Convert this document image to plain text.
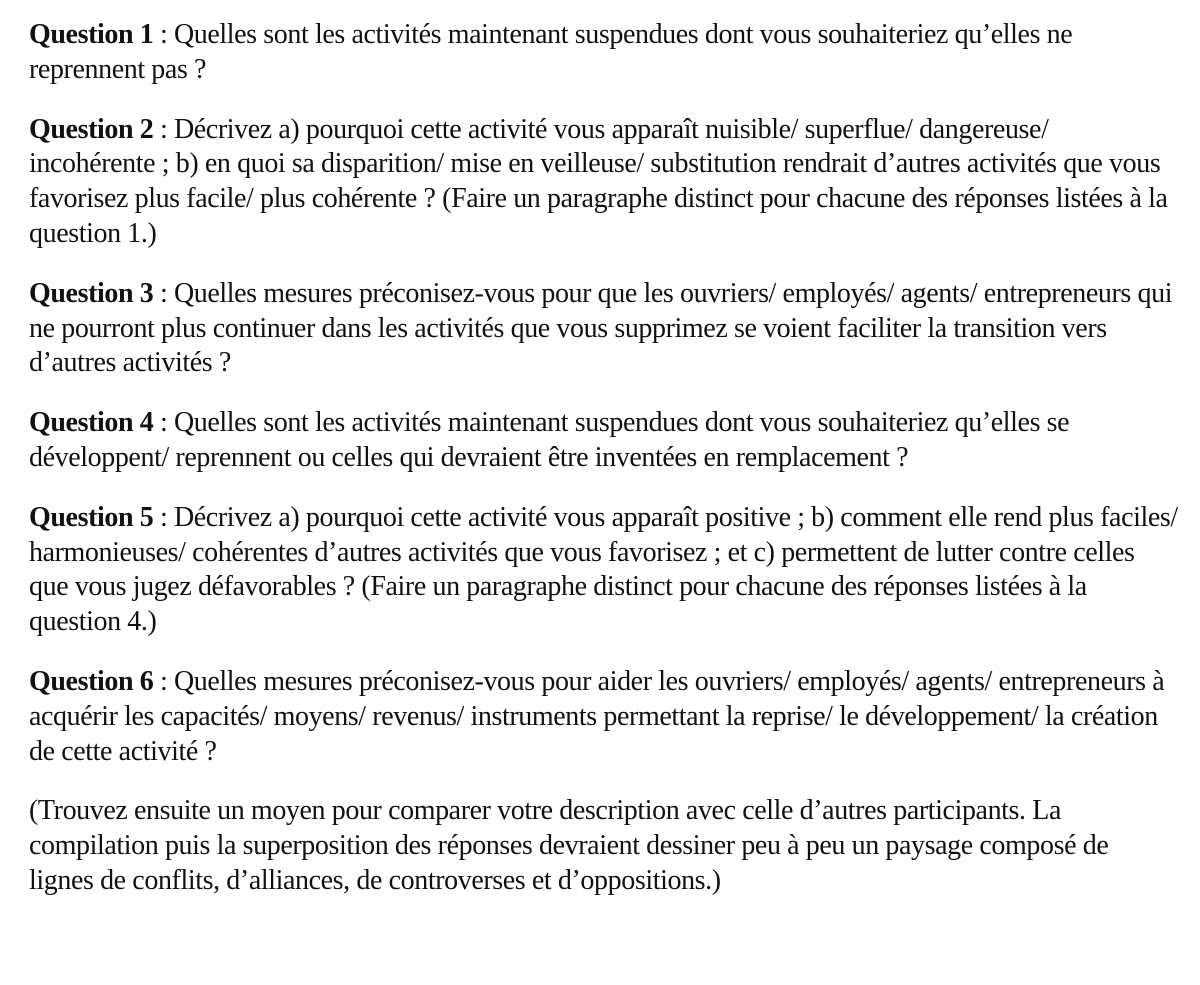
Question 1 : Quelles sont les activités maintenant suspendues dont vous souhaiteriez qu’elles ne reprennent pas ?

Question 2 : Décrivez a) pourquoi cette activité vous apparaît nuisible/ superflue/ dangereuse/ incohérente ; b) en quoi sa disparition/ mise en veilleuse/ substitution rendrait d’autres activités que vous favorisez plus facile/ plus cohérente ? (Faire un paragraphe distinct pour chacune des réponses listées à la question 1.)

Question 3 : Quelles mesures préconisez-vous pour que les ouvriers/ employés/ agents/ entrepreneurs qui ne pourront plus continuer dans les activités que vous supprimez se voient faciliter la transition vers d’autres activités ?

Question 4 : Quelles sont les activités maintenant suspendues dont vous souhaiteriez qu’elles se développent/ reprennent ou celles qui devraient être inventées en remplacement ?

Question 5 : Décrivez a) pourquoi cette activité vous apparaît positive ; b) comment elle rend plus faciles/ harmonieuses/ cohérentes d’autres activités que vous favorisez ; et c) permettent de lutter contre celles que vous jugez défavorables ? (Faire un paragraphe distinct pour chacune des réponses listées à la question 4.)

Question 6 : Quelles mesures préconisez-vous pour aider les ouvriers/ employés/ agents/ entrepreneurs à acquérir les capacités/ moyens/ revenus/ instruments permettant la reprise/ le développement/ la création de cette activité ?

(Trouvez ensuite un moyen pour comparer votre description avec celle d’autres participants. La compilation puis la superposition des réponses devraient dessiner peu à peu un paysage composé de lignes de conflits, d’alliances, de controverses et d’oppositions.)
